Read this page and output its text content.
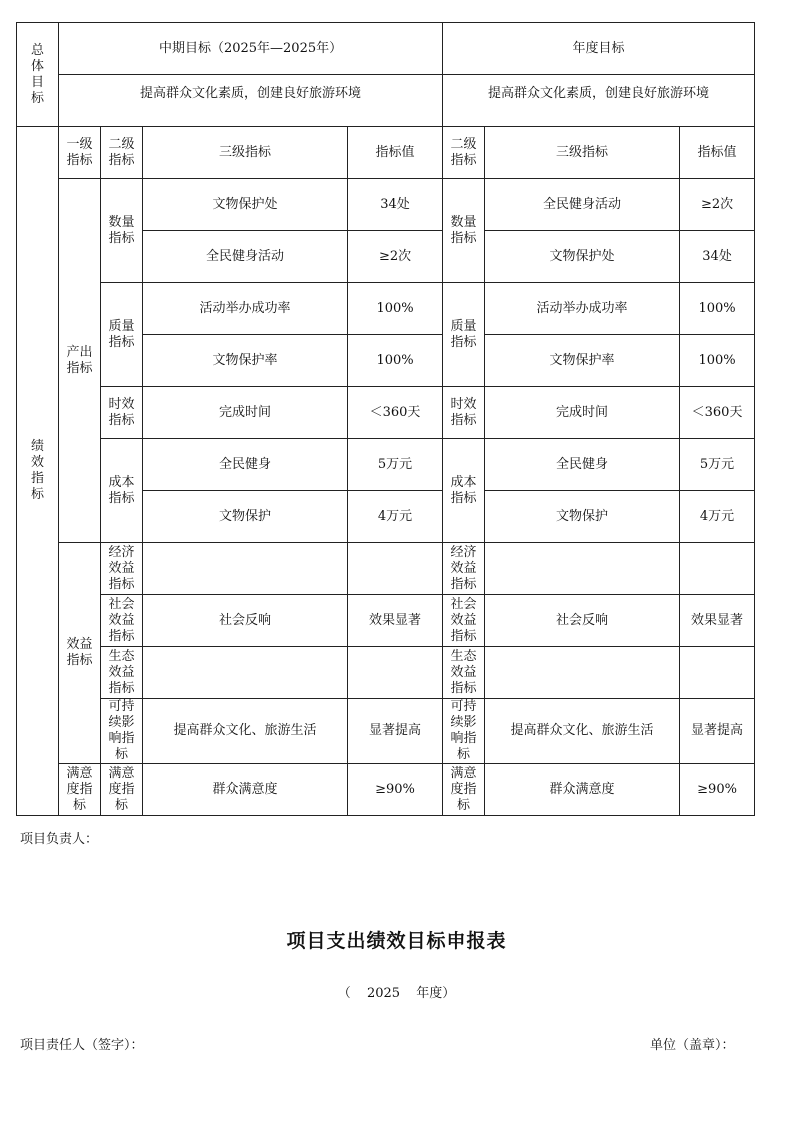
总体目标	中期目标（2025年—2025年）				年度目标		
	提高群众文化素质，创建良好旅游环境				提高群众文化素质，创建良好旅游环境		
绩效指标	一级指标	二级指标	三级指标	指标值	二级指标	三级指标	指标值
	产出指标	数量指标	文物保护处	34处	数量指标	全民健身活动	≥2次
			全民健身活动	≥2次		文物保护处	34处
		质量指标	活动举办成功率	100%	质量指标	活动举办成功率	100%
			文物保护率	100%		文物保护率	100%
		时效指标	完成时间	＜360天	时效指标	完成时间	＜360天
		成本指标	全民健身	5万元	成本指标	全民健身	5万元
			文物保护	4万元		文物保护	4万元
	效益指标	经济效益指标			经济效益指标		
		社会效益指标	社会反响	效果显著	社会效益指标	社会反响	效果显著
		生态效益指标			生态效益指标		
		可持续影响指标	提高群众文化、旅游生活	显著提高	可持续影响指标	提高群众文化、旅游生活	显著提高
	满意度指标	满意度指标	群众满意度	≥90%	满意度指标	群众满意度	≥90%
项目负责人：
项目支出绩效目标申报表
（ 2025 年度）
项目责任人（签字）：	单位（盖章）：
